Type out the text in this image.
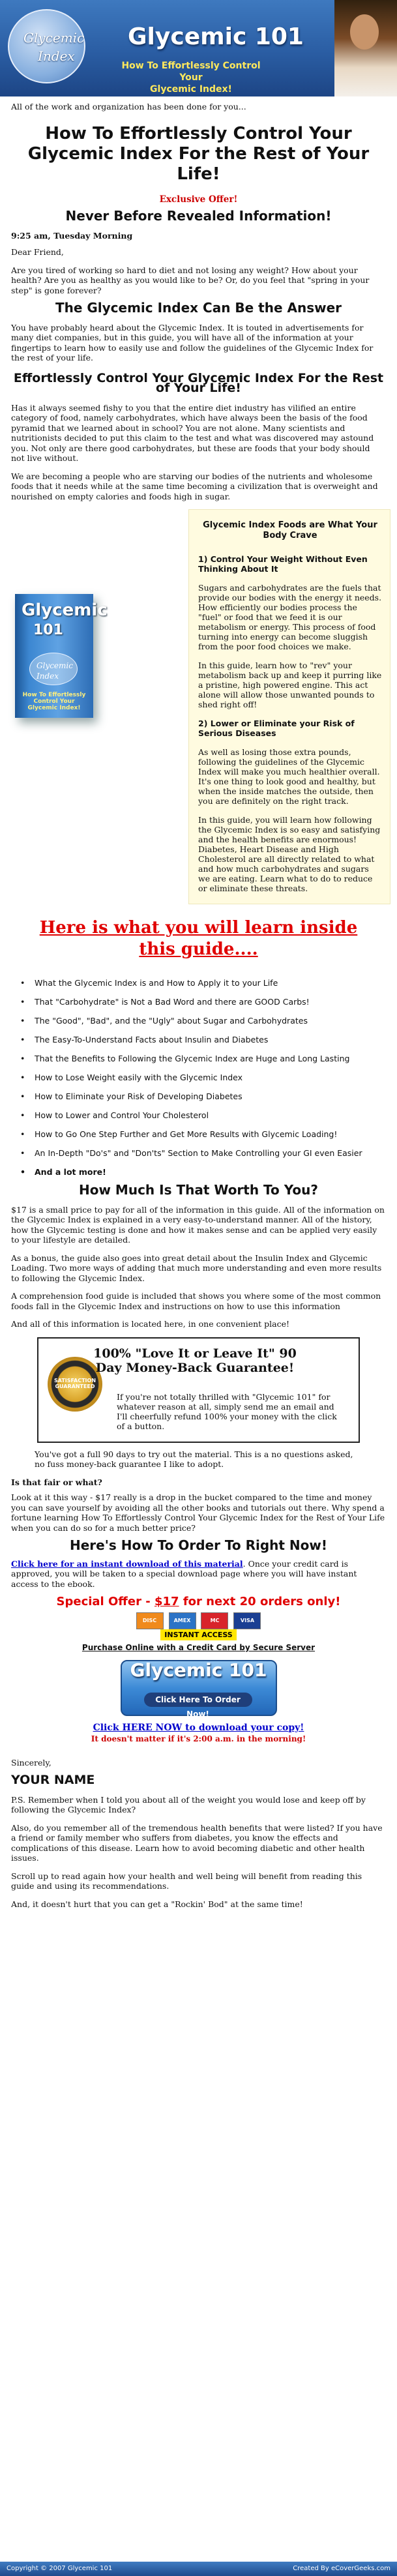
Glycemic
Index
Glycemic 101
How To Effortlessly Control Your
Glycemic Index!

All of the work and organization has been done for you...

How To Effortlessly Control Your Glycemic Index For the Rest of Your Life!
Exclusive Offer!
Never Before Revealed Information!
9:25 am, Tuesday Morning

Dear Friend,

Are you tired of working so hard to diet and not losing any weight? How about your health? Are you as healthy as you would like to be? Or, do you feel that "spring in your step" is gone forever?

The Glycemic Index Can Be the Answer

You have probably heard about the Glycemic Index. It is touted in advertisements for many diet companies, but in this guide, you will have all of the information at your fingertips to learn how to easily use and follow the guidelines of the Glycemic Index for the rest of your life.

Effortlessly Control Your Glycemic Index For the Rest of Your Life!

Has it always seemed fishy to you that the entire diet industry has vilified an entire category of food, namely carbohydrates, which have always been the basis of the food pyramid that we learned about in school? You are not alone. Many scientists and nutritionists decided to put this claim to the test and what was discovered may astound you. Not only are there good carbohydrates, but these are foods that your body should not live without.

We are becoming a people who are starving our bodies of the nutrients and wholesome foods that it needs while at the same time becoming a civilization that is overweight and nourished on empty calories and foods high in sugar.

Glycemic
101
Glycemic Index
How To Effortlessly Control Your Glycemic Index!
Glycemic Index Foods are What Your Body Crave
1) Control Your Weight Without Even Thinking About It

Sugars and carbohydrates are the fuels that provide our bodies with the energy it needs. How efficiently our bodies process the "fuel" or food that we feed it is our metabolism or energy. This process of food turning into energy can become sluggish from the poor food choices we make.

In this guide, learn how to "rev" your metabolism back up and keep it purring like a pristine, high powered engine. This act alone will allow those unwanted pounds to shed right off!

2) Lower or Eliminate your Risk of Serious Diseases

As well as losing those extra pounds, following the guidelines of the Glycemic Index will make you much healthier overall. It's one thing to look good and healthy, but when the inside matches the outside, then you are definitely on the right track.

In this guide, you will learn how following the Glycemic Index is so easy and satisfying and the health benefits are enormous! Diabetes, Heart Disease and High Cholesterol are all directly related to what and how much carbohydrates and sugars we are eating. Learn what to do to reduce or eliminate these threats.

Here is what you will learn inside this guide....
• What the Glycemic Index is and How to Apply it to your Life
• That "Carbohydrate" is Not a Bad Word and there are GOOD Carbs!
• The "Good", "Bad", and the "Ugly" about Sugar and Carbohydrates
• The Easy-To-Understand Facts about Insulin and Diabetes
• That the Benefits to Following the Glycemic Index are Huge and Long Lasting
• How to Lose Weight easily with the Glycemic Index
• How to Eliminate your Risk of Developing Diabetes
• How to Lower and Control Your Cholesterol
• How to Go One Step Further and Get More Results with Glycemic Loading!
• An In-Depth "Do's" and "Don'ts" Section to Make Controlling your GI even Easier
• And a lot more!
How Much Is That Worth To You?

$17 is a small price to pay for all of the information in this guide. All of the information on the Glycemic Index is explained in a very easy-to-understand manner. All of the history, how the Glycemic testing is done and how it makes sense and can be applied very easily to your lifestyle are detailed.

As a bonus, the guide also goes into great detail about the Insulin Index and Glycemic Loading. Two more ways of adding that much more understanding and even more results to following the Glycemic Index.

A comprehension food guide is included that shows you where some of the most common foods fall in the Glycemic Index and instructions on how to use this information

And all of this information is located here, in one convenient place!

SATISFACTION GUARANTEED
100% "Love It or Leave It" 90 Day Money-Back Guarantee!
If you're not totally thrilled with "Glycemic 101" for whatever reason at all, simply send me an email and I'll cheerfully refund 100% your money with the click of a button.

You've got a full 90 days to try out the material. This is a no questions asked, no fuss money-back guarantee I like to adopt.

Is that fair or what?

Look at it this way - $17 really is a drop in the bucket compared to the time and money you can save yourself by avoiding all the other books and tutorials out there. Why spend a fortune learning How To Effortlessly Control Your Glycemic Index for the Rest of Your Life when you can do so for a much better price?

Here's How To Order To Right Now!

Click here for an instant download of this material. Once your credit card is approved, you will be taken to a special download page where you will have instant access to the ebook.

Special Offer - $17 for next 20 orders only!
DISC	AMEX	MC	VISA
INSTANT ACCESS
Purchase Online with a Credit Card by Secure Server
Glycemic 101
Click Here To Order Now!
Click HERE NOW to download your copy!
It doesn't matter if it's 2:00 a.m. in the morning!

Sincerely,

YOUR NAME

P.S. Remember when I told you about all of the weight you would lose and keep off by following the Glycemic Index?

Also, do you remember all of the tremendous health benefits that were listed? If you have a friend or family member who suffers from diabetes, you know the effects and complications of this disease. Learn how to avoid becoming diabetic and other health issues.

Scroll up to read again how your health and well being will benefit from reading this guide and using its recommendations.

And, it doesn't hurt that you can get a "Rockin' Bod" at the same time!

Copyright © 2007 Glycemic 101	Created By eCoverGeeks.com
